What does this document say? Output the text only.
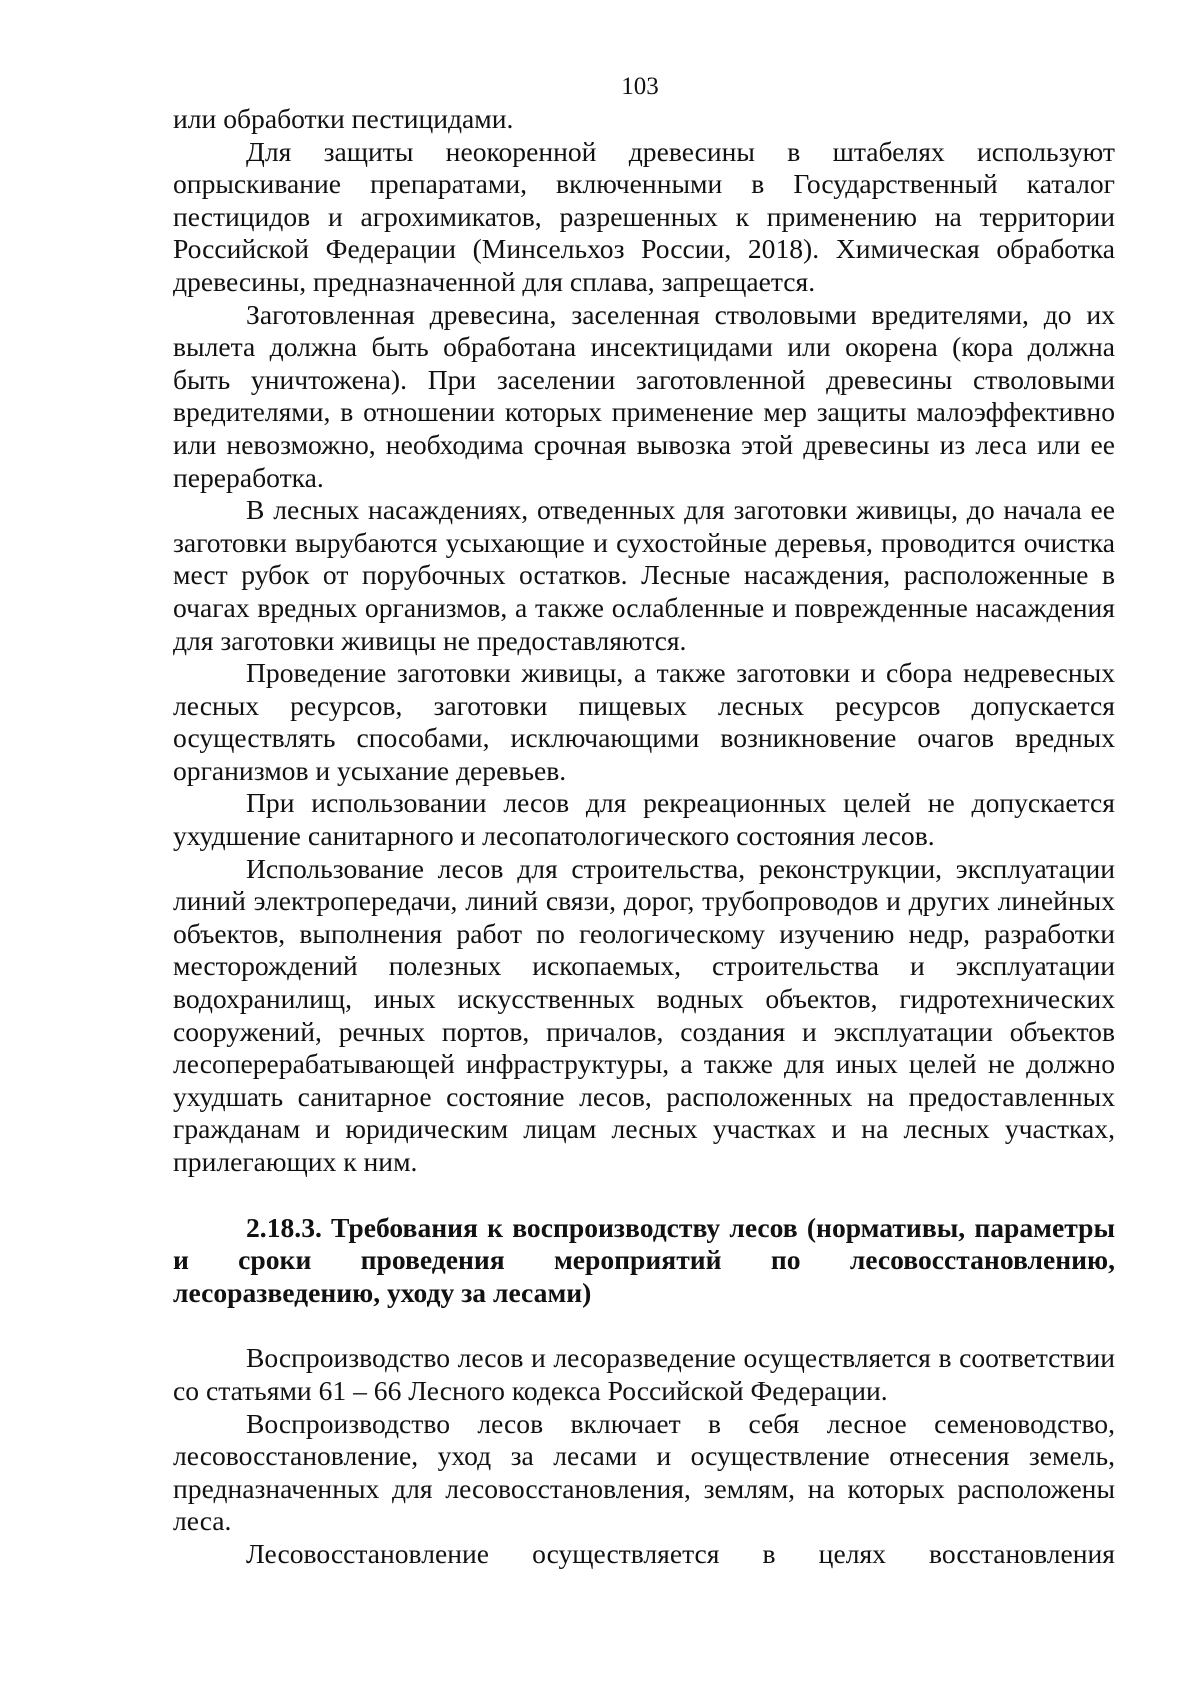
103

или обработки пестицидами.

Для защиты неокоренной древесины в штабелях используют опрыскивание препаратами, включенными в Государственный каталог пестицидов и агрохимикатов, разрешенных к применению на территории Российской Федерации (Минсельхоз России, 2018). Химическая обработка древесины, предназначенной для сплава, запрещается.

Заготовленная древесина, заселенная стволовыми вредителями, до их вылета должна быть обработана инсектицидами или окорена (кора должна быть уничтожена). При заселении заготовленной древесины стволовыми вредителями, в отношении которых применение мер защиты малоэффективно или невозможно, необходима срочная вывозка этой древесины из леса или ее переработка.

В лесных насаждениях, отведенных для заготовки живицы, до начала ее заготовки вырубаются усыхающие и сухостойные деревья, проводится очистка мест рубок от порубочных остатков. Лесные насаждения, расположенные в очагах вредных организмов, а также ослабленные и поврежденные насаждения для заготовки живицы не предоставляются.

Проведение заготовки живицы, а также заготовки и сбора недревесных лесных ресурсов, заготовки пищевых лесных ресурсов допускается осуществлять способами, исключающими возникновение очагов вредных организмов и усыхание деревьев.

При использовании лесов для рекреационных целей не допускается ухудшение санитарного и лесопатологического состояния лесов.

Использование лесов для строительства, реконструкции, эксплуатации линий электропередачи, линий связи, дорог, трубопроводов и других линейных объектов, выполнения работ по геологическому изучению недр, разработки месторождений полезных ископаемых, строительства и эксплуатации водохранилищ, иных искусственных водных объектов, гидротехнических сооружений, речных портов, причалов, создания и эксплуатации объектов лесоперерабатывающей инфраструктуры, а также для иных целей не должно ухудшать санитарное состояние лесов, расположенных на предоставленных гражданам и юридическим лицам лесных участках и на лесных участках, прилегающих к ним.

2.18.3. Требования к воспроизводству лесов (нормативы, параметры и сроки проведения мероприятий по лесовосстановлению, лесоразведению, уходу за лесами)

Воспроизводство лесов и лесоразведение осуществляется в соответствии со статьями 61 – 66 Лесного кодекса Российской Федерации.

Воспроизводство лесов включает в себя лесное семеноводство, лесовосстановление, уход за лесами и осуществление отнесения земель, предназначенных для лесовосстановления, землям, на которых расположены леса.

Лесовосстановление осуществляется в целях восстановления
